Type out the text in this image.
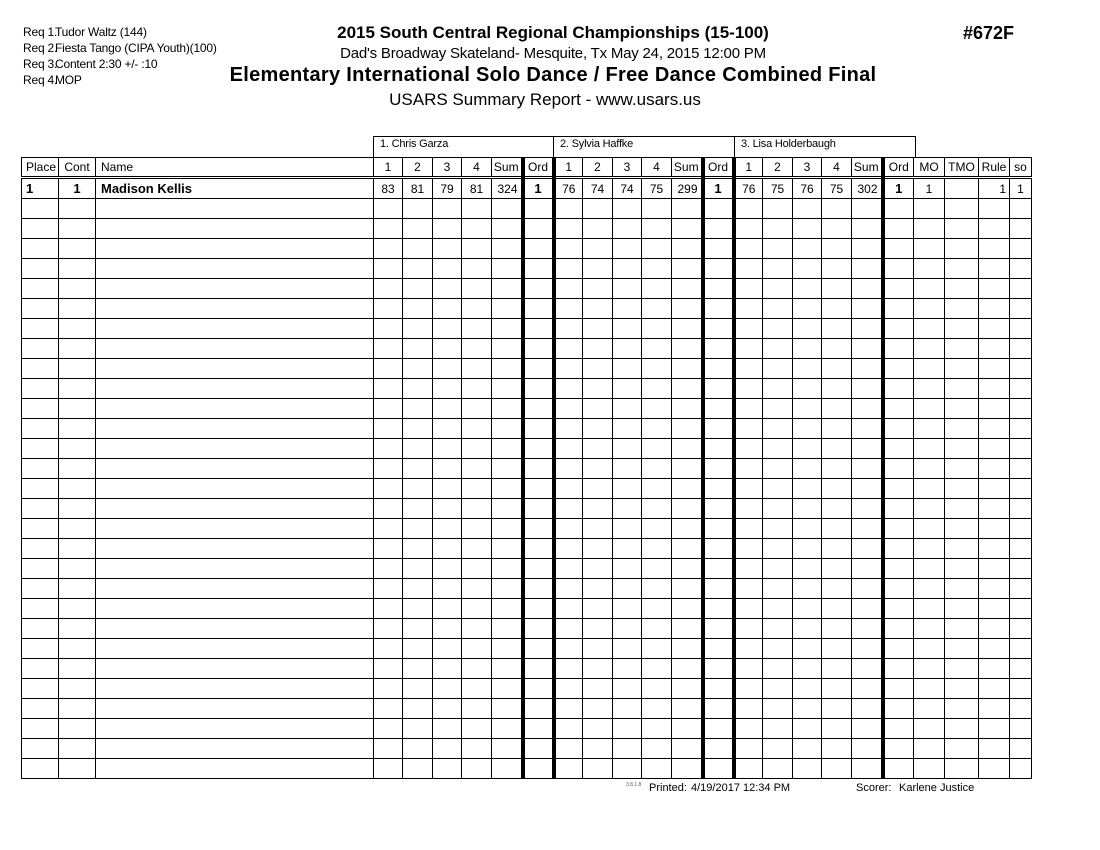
Req 1.Tudor Waltz (144)
Req 2.Fiesta Tango (CIPA Youth)(100)
Req 3.Content 2:30 +/- :10
Req 4.MOP
2015 South Central Regional Championships (15-100)
Dad's Broadway Skateland- Mesquite, Tx May 24, 2015 12:00 PM
Elementary International Solo Dance / Free Dance Combined Final
USARS Summary Report - www.usars.us
#672F
1. Chris Garza	2. Sylvia Haffke	3. Lisa Holderbaugh
Place	Cont	Name	1	2	3	4	Sum	Ord	1	2	3	4	Sum	Ord	1	2	3	4	Sum	Ord	MO	TMO	Rule	so
1	1	Madison Kellis	83	81	79	81	324	1	76	74	74	75	299	1	76	75	76	75	302	1	1		1	1

3.8.1.8 Printed: 4/19/2017 12:34 PM	Scorer: Karlene Justice
